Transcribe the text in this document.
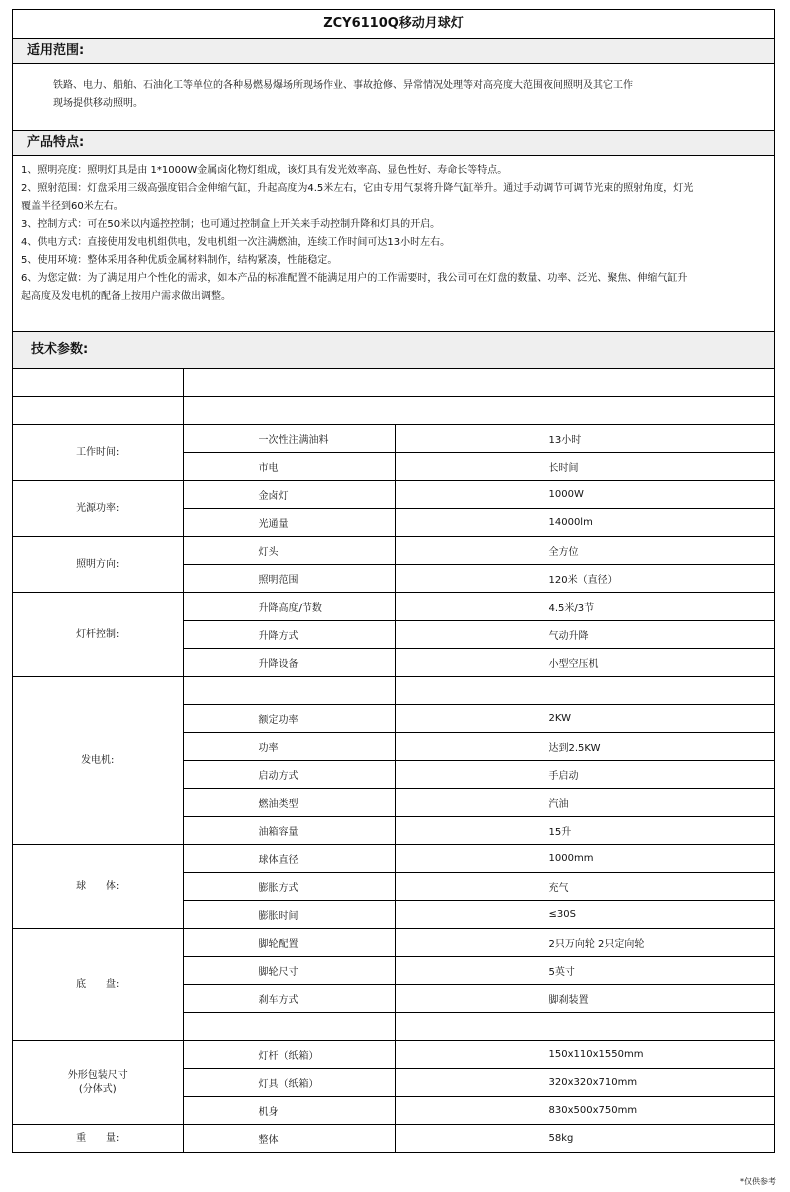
ZCY6110Q移动月球灯
适用范围:

铁路、电力、船舶、石油化工等单位的各种易燃易爆场所现场作业、事故抢修、异常情况处理等对高亮度大范围夜间照明及其它工作

现场提供移动照明。

产品特点:

1、照明亮度：照明灯具是由 1*1000W金属卤化物灯组成，该灯具有发光效率高、显色性好、寿命长等特点。

2、照射范围：灯盘采用三级高强度铝合金伸缩气缸，升起高度为4.5米左右，它由专用气泵将升降气缸举升。通过手动调节可调节光束的照射角度，灯光

覆盖半径到60米左右。

3、控制方式：可在50米以内遥控控制；也可通过控制盒上开关来手动控制升降和灯具的开启。

4、供电方式：直接使用发电机组供电，发电机组一次注满燃油，连续工作时间可达13小时左右。

5、使用环境：整体采用各种优质金属材料制作，结构紧凑，性能稳定。

6、为您定做：为了满足用户个性化的需求，如本产品的标准配置不能满足用户的工作需要时，我公司可在灯盘的数量、功率、泛光、聚焦、伸缩气缸升

起高度及发电机的配备上按用户需求做出调整。

技术参数:

工作时间:	一次性注满油料	13小时
	市电	长时间
光源功率:	金卤灯	1000W
	光通量	14000lm
照明方向:	灯头	全方位
	照明范围	120米（直径）
灯杆控制:	升降高度/节数	4.5米/3节
	升降方式	气动升降
	升降设备	小型空压机
发电机:		
	额定功率	2KW
	功率	达到2.5KW
	启动方式	手启动
	燃油类型	汽油
	油箱容量	15升
球　　体:	球体直径	1000mm
	膨胀方式	充气
	膨胀时间	≤30S
底　　盘:	脚轮配置	2只万向轮 2只定向轮
	脚轮尺寸	5英寸
	刹车方式	脚刹装置

外形包装尺寸
(分体式)	灯杆（纸箱）	150x110x1550mm
	灯具（纸箱）	320x320x710mm
	机身	830x500x750mm
重　　量:	整体	58kg
*仅供参考
